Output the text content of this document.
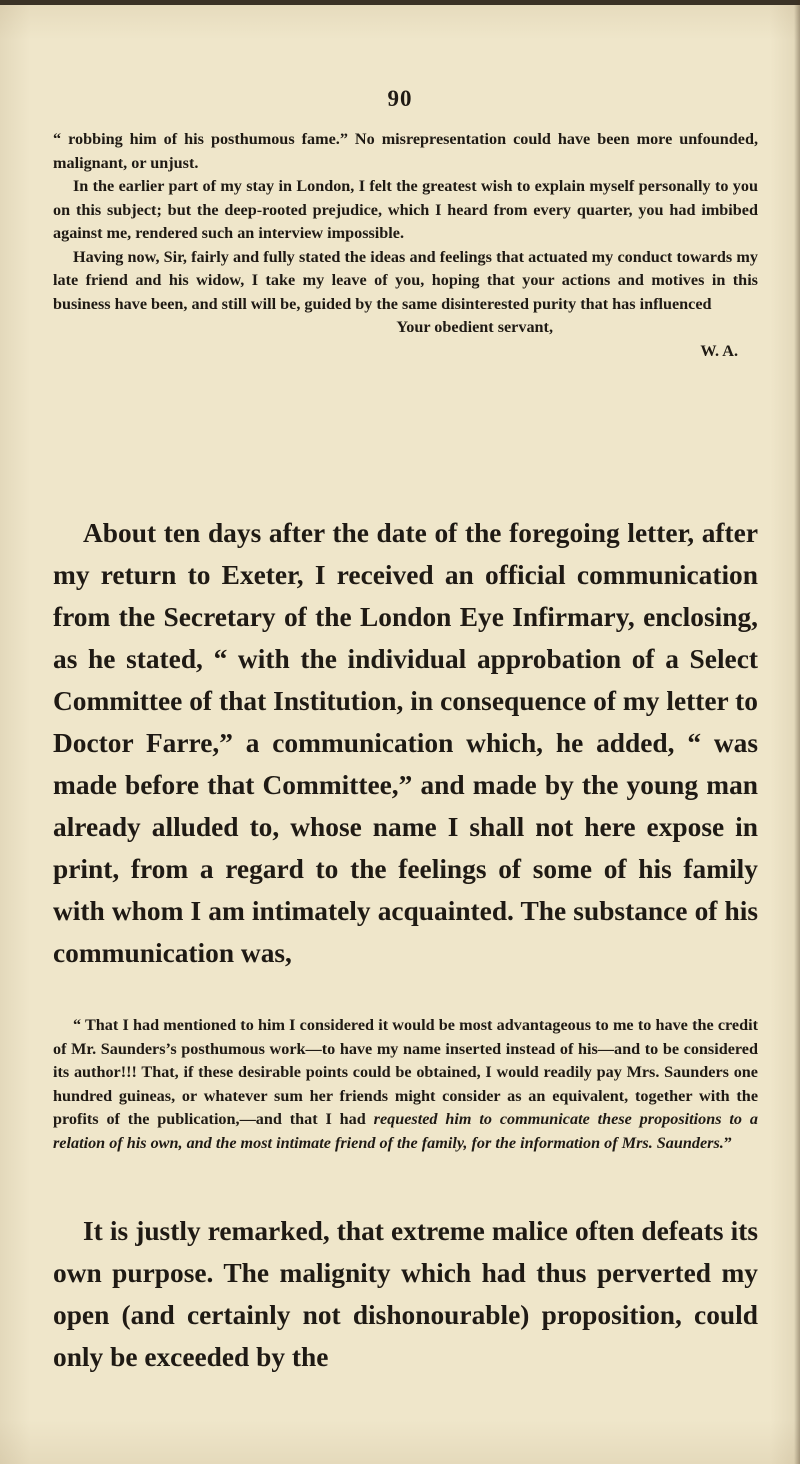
90

“ robbing him of his posthumous fame.” No misrepresentation could have been more unfounded, malignant, or unjust.

In the earlier part of my stay in London, I felt the greatest wish to explain myself personally to you on this subject; but the deep-rooted prejudice, which I heard from every quarter, you had imbibed against me, rendered such an interview impossible.

Having now, Sir, fairly and fully stated the ideas and feelings that actuated my conduct towards my late friend and his widow, I take my leave of you, hoping that your actions and motives in this business have been, and still will be, guided by the same disinterested purity that has influenced

Your obedient servant,

W. A.

About ten days after the date of the foregoing letter, after my return to Exeter, I received an official communication from the Secretary of the London Eye Infirmary, enclosing, as he stated, “ with the individual approbation of a Select Committee of that Institution, in consequence of my letter to Doctor Farre,” a communication which, he added, “ was made before that Committee,” and made by the young man already alluded to, whose name I shall not here expose in print, from a regard to the feelings of some of his family with whom I am intimately acquainted. The substance of his communication was,

“ That I had mentioned to him I considered it would be most advantageous to me to have the credit of Mr. Saunders’s posthumous work—to have my name inserted instead of his—and to be considered its author!!! That, if these desirable points could be obtained, I would readily pay Mrs. Saunders one hundred guineas, or whatever sum her friends might consider as an equivalent, together with the profits of the publication,—and that I had requested him to communicate these propositions to a relation of his own, and the most intimate friend of the family, for the information of Mrs. Saunders.”

It is justly remarked, that extreme malice often defeats its own purpose. The malignity which had thus perverted my open (and certainly not dishonourable) proposition, could only be exceeded by the
